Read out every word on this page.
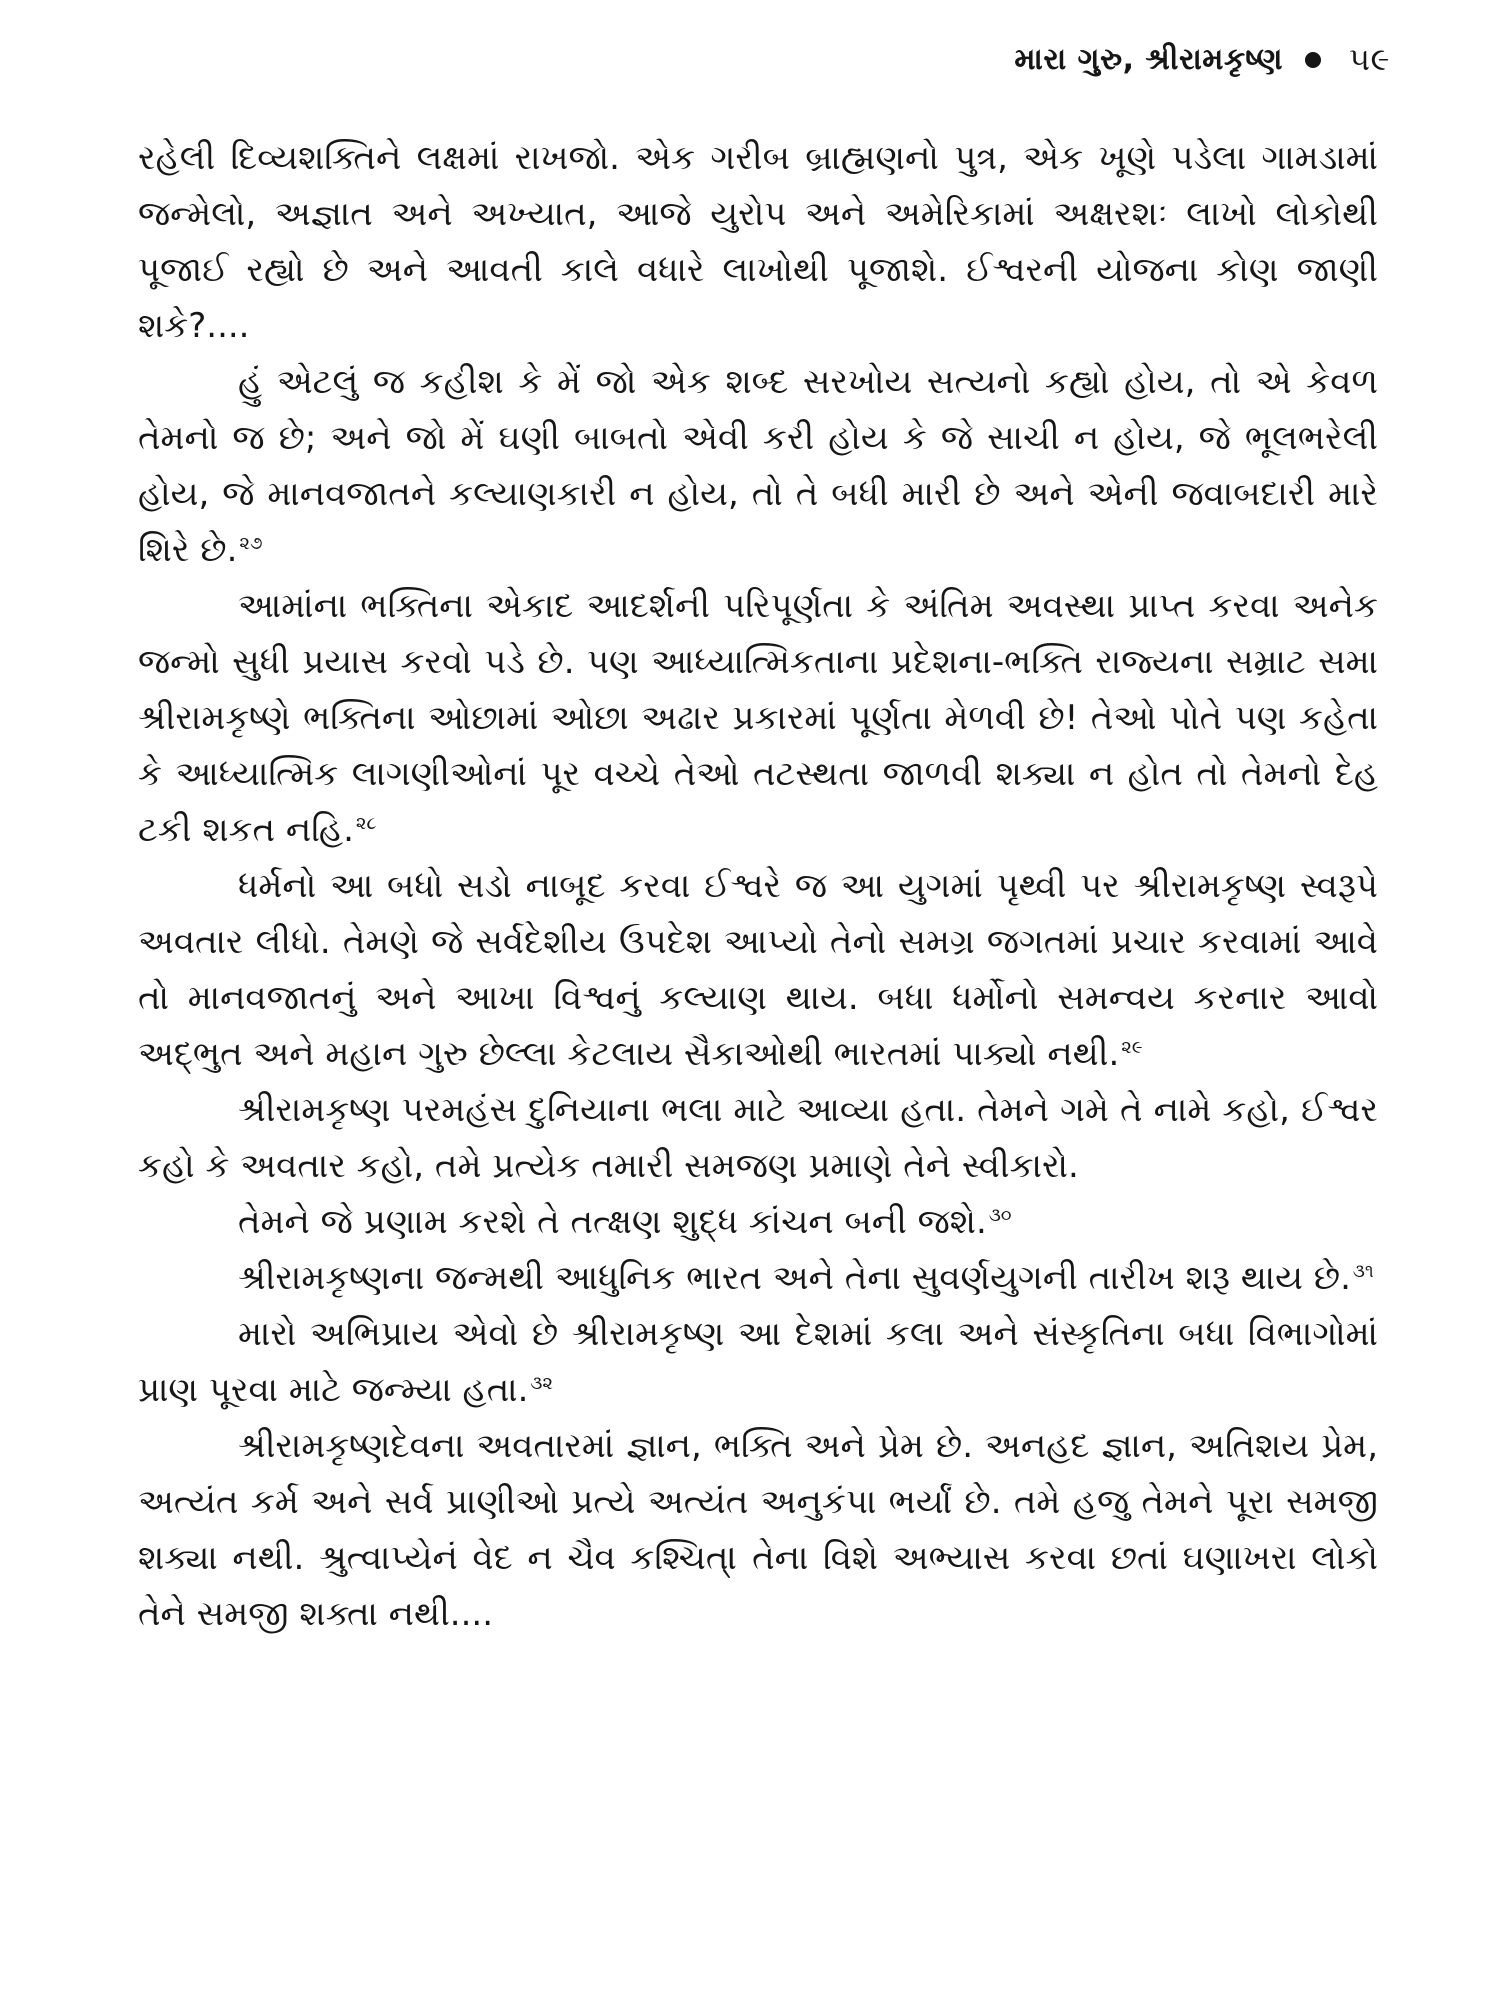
મારા ગુરુ, શ્રીરામકૃષ્ણ ૫૯

રહેલી દિવ્યશક્તિને લક્ષમાં રાખજો. એક ગરીબ બ્રાહ્મણનો પુત્ર, એક ખૂણે પડેલા ગામડામાં જન્મેલો, અજ્ઞાત અને અખ્યાત, આજે યુરોપ અને અમેરિકામાં અક્ષરશઃ લાખો લોકોથી પૂજાઈ રહ્યો છે અને આવતી કાલે વધારે લાખોથી પૂજાશે. ઈશ્વરની યોજના કોણ જાણી શકે?....

હું એટલું જ કહીશ કે મેં જો એક શબ્દ સરખોય સત્યનો કહ્યો હોય, તો એ કેવળ તેમનો જ છે; અને જો મેં ઘણી બાબતો એવી કરી હોય કે જે સાચી ન હોય, જે ભૂલભરેલી હોય, જે માનવજાતને કલ્યાણકારી ન હોય, તો તે બધી મારી છે અને એની જવાબદારી મારે શિરે છે. $^{૨૭}$

આમાંના ભક્તિના એકાદ આદર્શની પરિપૂર્ણતા કે અંતિમ અવસ્થા પ્રાપ્ત કરવા અનેક જન્મો સુધી પ્રયાસ કરવો પડે છે. પણ આધ્યાત્મિકતાના પ્રદેશના-ભક્તિ રાજ્યના સમ્રાટ સમા શ્રીરામકૃષ્ણે ભક્તિના ઓછામાં ઓછા અઢાર પ્રકારમાં પૂર્ણતા મેળવી છે! તેઓ પોતે પણ કહેતા કે આધ્યાત્મિક લાગણીઓનાં પૂર વચ્ચે તેઓ તટસ્થતા જાળવી શક્યા ન હોત તો તેમનો દેહ ટકી શકત નહિ. $^{૨૮}$

ધર્મનો આ બધો સડો નાબૂદ કરવા ઈશ્વરે જ આ યુગમાં પૃથ્વી પર શ્રીરામકૃષ્ણ સ્વરૂપે અવતાર લીધો. તેમણે જે સર્વદેશીય ઉપદેશ આપ્યો તેનો સમગ્ર જગતમાં પ્રચાર કરવામાં આવે તો માનવજાતનું અને આખા વિશ્વનું કલ્યાણ થાય. બધા ધર્મોનો સમન્વય કરનાર આવો અદ્‌ભુત અને મહાન ગુરુ છેલ્લા કેટલાય સૈકાઓથી ભારતમાં પાક્યો નથી. $^{૨૯}$

શ્રીરામકૃષ્ણ પરમહંસ દુનિયાના ભલા માટે આવ્યા હતા. તેમને ગમે તે નામે કહો, ઈશ્વર કહો કે અવતાર કહો, તમે પ્રત્યેક તમારી સમજણ પ્રમાણે તેને સ્વીકારો.

તેમને જે પ્રણામ કરશે તે તત્ક્ષણ શુદ્ધ કાંચન બની જશે. $^{૩૦}$

શ્રીરામકૃષ્ણના જન્મથી આધુનિક ભારત અને તેના સુવર્ણયુગની તારીખ શરૂ થાય છે. $^{૩૧}$

મારો અભિપ્રાય એવો છે શ્રીરામકૃષ્ણ આ દેશમાં કલા અને સંસ્કૃતિના બધા વિભાગોમાં પ્રાણ પૂરવા માટે જન્મ્યા હતા. $^{૩૨}$

શ્રીરામકૃષ્ણદેવના અવતારમાં જ્ઞાન, ભક્તિ અને પ્રેમ છે. અનહદ જ્ઞાન, અતિશય પ્રેમ, અત્યંત કર્મ અને સર્વ પ્રાણીઓ પ્રત્યે અત્યંત અનુકંપા ભર્યાં છે. તમે હજુ તેમને પૂરા સમજી શક્યા નથી. શ્રુત્વાપ્યેનં વેદ ન ચૈવ કશ્ચિત્। તેના વિશે અભ્યાસ કરવા છતાં ઘણાખરા લોકો તેને સમજી શક્તા નથી....
